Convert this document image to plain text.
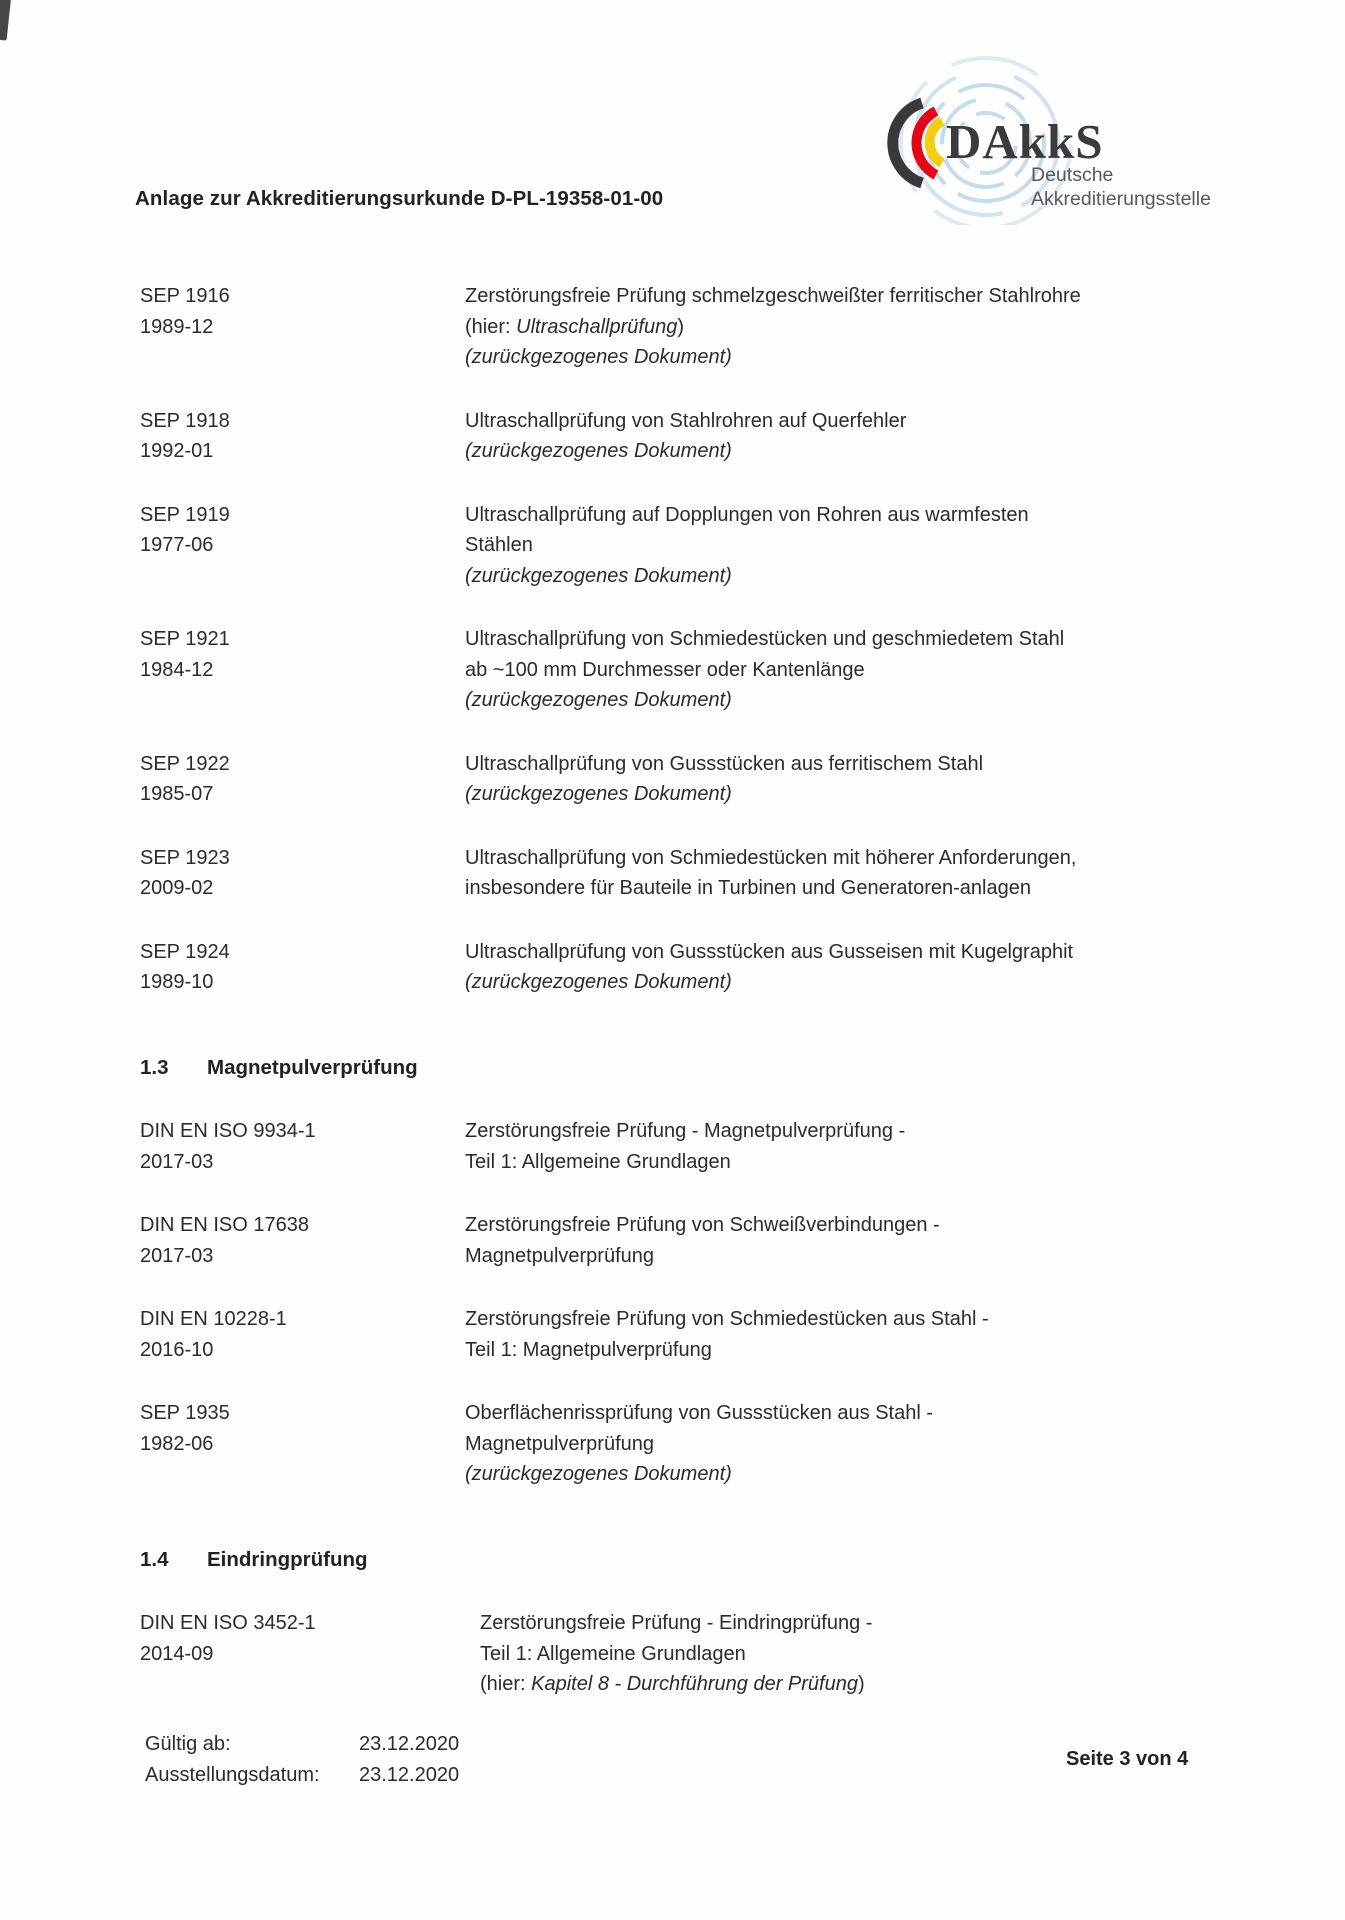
Anlage zur Akkreditierungsurkunde D-PL-19358-01-00
DAkkS
Deutsche
Akkreditierungsstelle
SEP 1916
1989-12
Zerstörungsfreie Prüfung schmelzgeschweißter ferritischer Stahlrohre
(hier: Ultraschallprüfung)
(zurückgezogenes Dokument)
SEP 1918
1992-01
Ultraschallprüfung von Stahlrohren auf Querfehler
(zurückgezogenes Dokument)
SEP 1919
1977-06
Ultraschallprüfung auf Dopplungen von Rohren aus warmfesten
Stählen
(zurückgezogenes Dokument)
SEP 1921
1984-12
Ultraschallprüfung von Schmiedestücken und geschmiedetem Stahl
ab ~100 mm Durchmesser oder Kantenlänge
(zurückgezogenes Dokument)
SEP 1922
1985-07
Ultraschallprüfung von Gussstücken aus ferritischem Stahl
(zurückgezogenes Dokument)
SEP 1923
2009-02
Ultraschallprüfung von Schmiedestücken mit höherer Anforderungen,
insbesondere für Bauteile in Turbinen und Generatoren-anlagen
SEP 1924
1989-10
Ultraschallprüfung von Gussstücken aus Gusseisen mit Kugelgraphit
(zurückgezogenes Dokument)
1.3 Magnetpulverprüfung
DIN EN ISO 9934-1
2017-03
Zerstörungsfreie Prüfung - Magnetpulverprüfung -
Teil 1: Allgemeine Grundlagen
DIN EN ISO 17638
2017-03
Zerstörungsfreie Prüfung von Schweißverbindungen -
Magnetpulverprüfung
DIN EN 10228-1
2016-10
Zerstörungsfreie Prüfung von Schmiedestücken aus Stahl -
Teil 1: Magnetpulverprüfung
SEP 1935
1982-06
Oberflächenrissprüfung von Gussstücken aus Stahl -
Magnetpulverprüfung
(zurückgezogenes Dokument)
1.4 Eindringprüfung
DIN EN ISO 3452-1
2014-09
Zerstörungsfreie Prüfung - Eindringprüfung -
Teil 1: Allgemeine Grundlagen
(hier: Kapitel 8 - Durchführung der Prüfung)
Gültig ab:	23.12.2020
Ausstellungsdatum: 23.12.2020
Seite 3 von 4
